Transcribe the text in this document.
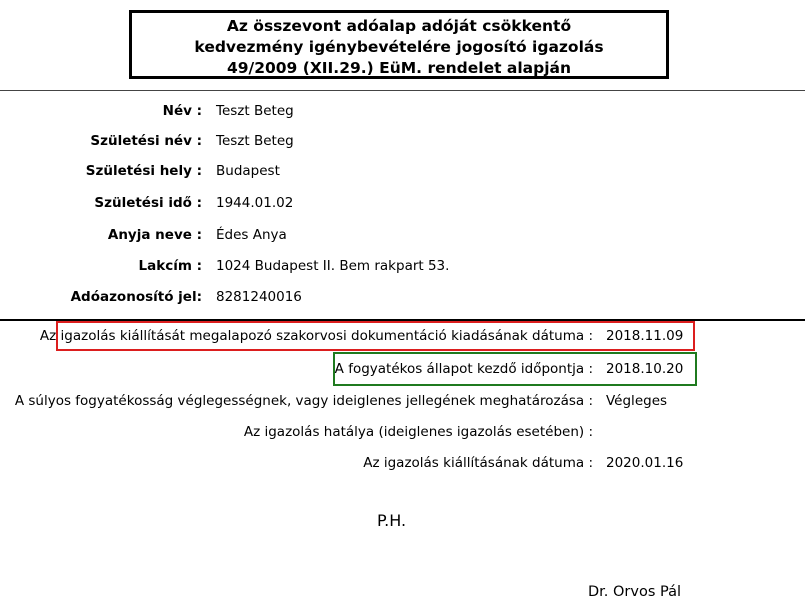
Az összevont adóalap adóját csökkentő
kedvezmény igénybevételére jogosító igazolás
49/2009 (XII.29.) EüM. rendelet alapján
Név : Teszt Beteg
Születési név : Teszt Beteg
Születési hely : Budapest
Születési idő : 1944.01.02
Anyja neve : Édes Anya
Lakcím : 1024 Budapest II. Bem rakpart 53.
Adóazonosító jel: 8281240016
Az igazolás kiállítását megalapozó szakorvosi dokumentáció kiadásának dátuma : 2018.11.09
A fogyatékos állapot kezdő időpontja : 2018.10.20
A súlyos fogyatékosság véglegességnek, vagy ideiglenes jellegének meghatározása : Végleges
Az igazolás hatálya (ideiglenes igazolás esetében) :
Az igazolás kiállításának dátuma : 2020.01.16
P.H.
Dr. Orvos Pál
